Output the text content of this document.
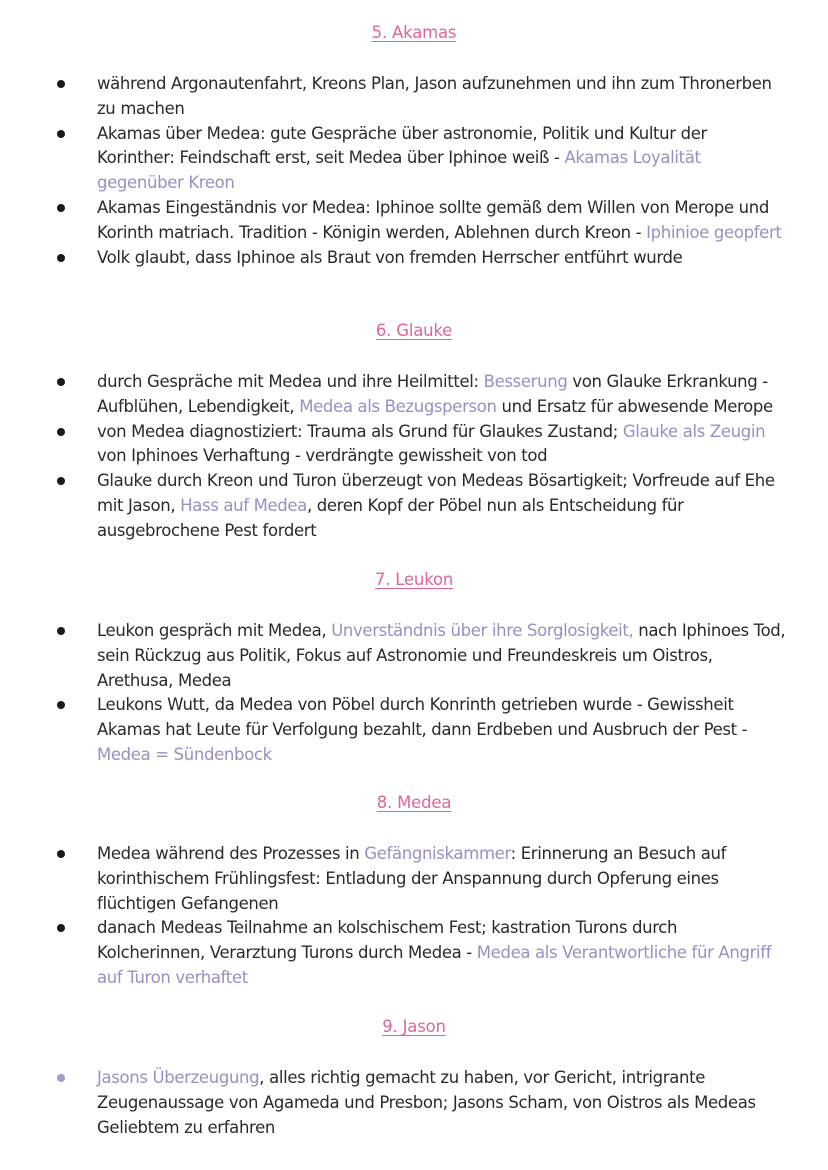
5. Akamas
während Argonautenfahrt, Kreons Plan, Jason aufzunehmen und ihn zum Thronerben zu machen
Akamas über Medea: gute Gespräche über astronomie, Politik und Kultur der Korinther: Feindschaft erst, seit Medea über Iphinoe weiß - Akamas Loyalität gegenüber Kreon
Akamas Eingeständnis vor Medea: Iphinoe sollte gemäß dem Willen von Merope und Korinth matriach. Tradition - Königin werden, Ablehnen durch Kreon - Iphinioe geopfert
Volk glaubt, dass Iphinoe als Braut von fremden Herrscher entführt wurde
6. Glauke
durch Gespräche mit Medea und ihre Heilmittel: Besserung von Glauke Erkrankung - Aufblühen, Lebendigkeit, Medea als Bezugsperson und Ersatz für abwesende Merope
von Medea diagnostiziert: Trauma als Grund für Glaukes Zustand; Glauke als Zeugin von Iphinoes Verhaftung - verdrängte gewissheit von tod
Glauke durch Kreon und Turon überzeugt von Medeas Bösartigkeit; Vorfreude auf Ehe mit Jason, Hass auf Medea, deren Kopf der Pöbel nun als Entscheidung für ausgebrochene Pest fordert
7. Leukon
Leukon gespräch mit Medea, Unverständnis über ihre Sorglosigkeit, nach Iphinoes Tod, sein Rückzug aus Politik, Fokus auf Astronomie und Freundeskreis um Oistros, Arethusa, Medea
Leukons Wutt, da Medea von Pöbel durch Konrinth getrieben wurde - Gewissheit Akamas hat Leute für Verfolgung bezahlt, dann Erdbeben und Ausbruch der Pest - Medea = Sündenbock
8. Medea
Medea während des Prozesses in Gefängniskammer: Erinnerung an Besuch auf korinthischem Frühlingsfest: Entladung der Anspannung durch Opferung eines flüchtigen Gefangenen
danach Medeas Teilnahme an kolschischem Fest; kastration Turons durch Kolcherinnen, Verarztung Turons durch Medea - Medea als Verantwortliche für Angriff auf Turon verhaftet
9. Jason
Jasons Überzeugung, alles richtig gemacht zu haben, vor Gericht, intrigrante Zeugenaussage von Agameda und Presbon; Jasons Scham, von Oistros als Medeas Geliebtem zu erfahren
